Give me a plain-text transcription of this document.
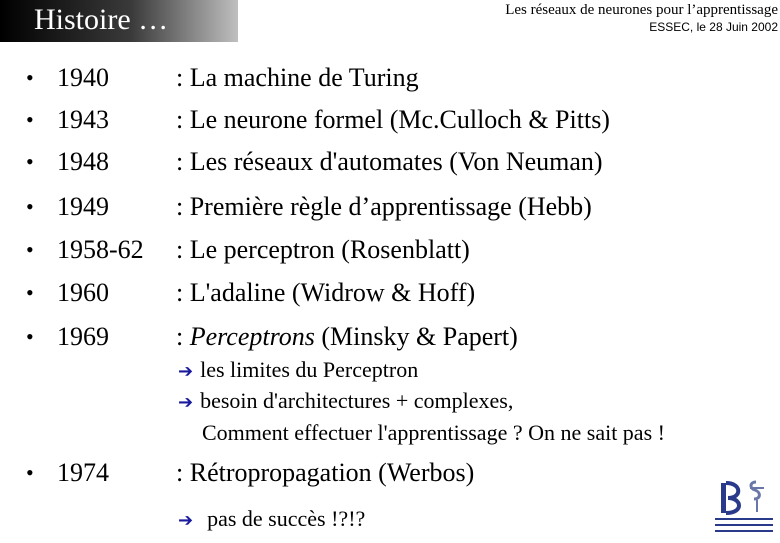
Histoire …	Les réseaux de neurones pour l’apprentissage
ESSEC, le 28 Juin 2002
• 1940	: La machine de Turing
• 1943	: Le neurone formel (Mc.Culloch & Pitts)
• 1948	: Les réseaux d'automates (Von Neuman)
• 1949	: Première règle d’apprentissage (Hebb)
• 1958-62 : Le perceptron (Rosenblatt)
• 1960	: L'adaline (Widrow & Hoff)
• 1969	: Perceptrons (Minsky & Papert)
➔ les limites du Perceptron
➔ besoin d'architectures + complexes,
Comment effectuer l'apprentissage ? On ne sait pas !
• 1974	: Rétropropagation (Werbos)
➔ pas de succès !?!?
